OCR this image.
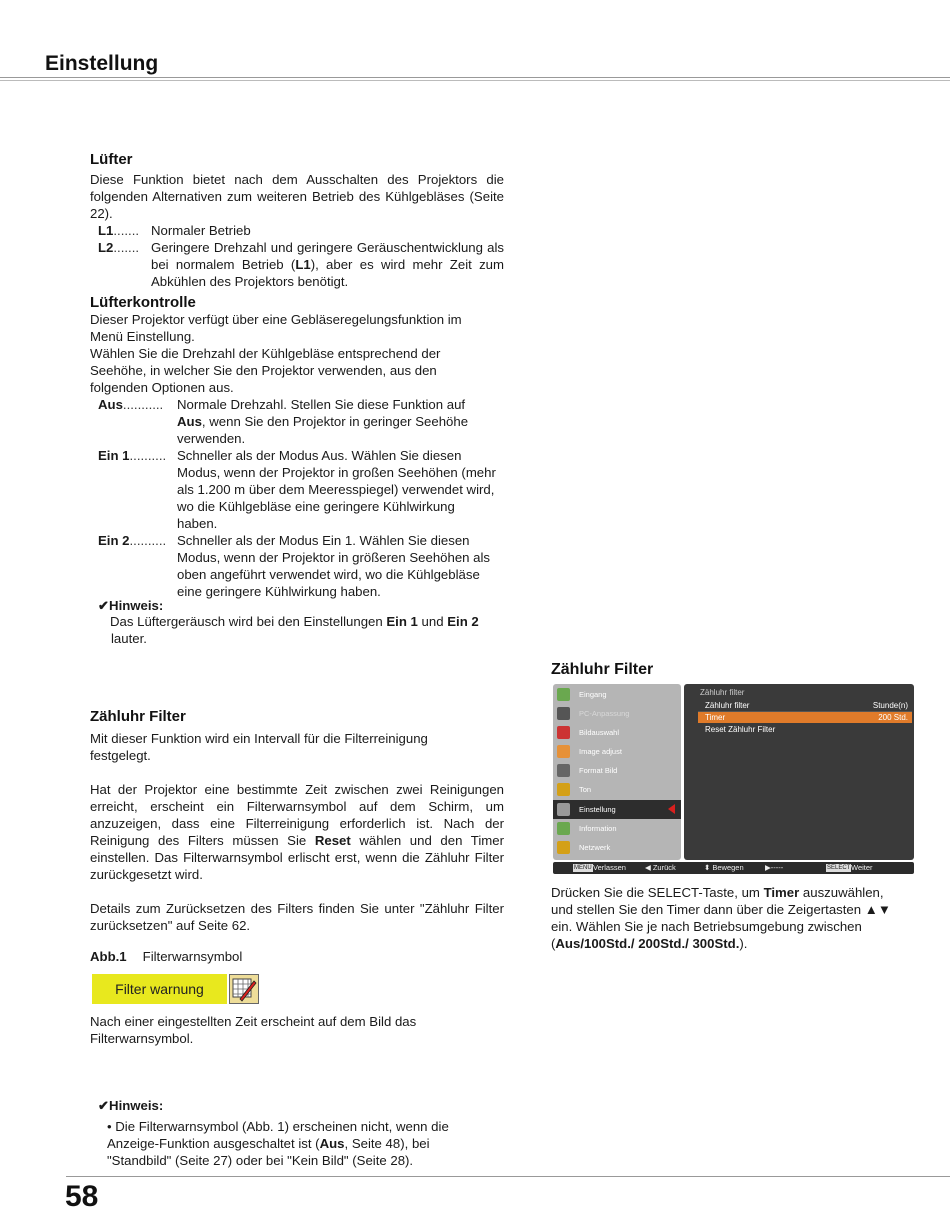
Einstellung
Lüfter
Diese Funktion bietet nach dem Ausschalten des Projektors die folgenden Alternativen zum weiteren Betrieb des Kühlgebläses (Seite 22).
L1....... Normaler Betrieb
L2....... Geringere Drehzahl und geringere Geräuschentwicklung als bei normalem Betrieb (L1), aber es wird mehr Zeit zum Abkühlen des Projektors benötigt.
Lüfterkontrolle
Dieser Projektor verfügt über eine Gebläseregelungsfunktion im Menü Einstellung.
Wählen Sie die Drehzahl der Kühlgebläse entsprechend der Seehöhe, in welcher Sie den Projektor verwenden, aus den folgenden Optionen aus.
Aus........... Normale Drehzahl. Stellen Sie diese Funktion auf Aus, wenn Sie den Projektor in geringer Seehöhe verwenden.
Ein 1.......... Schneller als der Modus Aus. Wählen Sie diesen Modus, wenn der Projektor in großen Seehöhen (mehr als 1.200 m über dem Meeresspiegel) verwendet wird, wo die Kühlgebläse eine geringere Kühlwirkung haben.
Ein 2.......... Schneller als der Modus Ein 1. Wählen Sie diesen Modus, wenn der Projektor in größeren Seehöhen als oben angeführt verwendet wird, wo die Kühlgebläse eine geringere Kühlwirkung haben.
✔Hinweis:
Das Lüftergeräusch wird bei den Einstellungen Ein 1 und Ein 2
lauter.
Zähluhr Filter
Mit dieser Funktion wird ein Intervall für die Filterreinigung festgelegt.
Hat der Projektor eine bestimmte Zeit zwischen zwei Reinigungen erreicht, erscheint ein Filterwarnsymbol auf dem Schirm, um anzuzeigen, dass eine Filterreinigung erforderlich ist. Nach der Reinigung des Filters müssen Sie Reset wählen und den Timer einstellen. Das Filterwarnsymbol erlischt erst, wenn die Zähluhr Filter zurückgesetzt wird.
Details zum Zurücksetzen des Filters finden Sie unter "Zähluhr Filter zurücksetzen" auf Seite 62.
Abb.1 Filterwarnsymbol
Filter warnung
Nach einer eingestellten Zeit erscheint auf dem Bild das Filterwarnsymbol.
✔Hinweis:
• Die Filterwarnsymbol (Abb. 1) erscheinen nicht, wenn die Anzeige-Funktion ausgeschaltet ist (Aus, Seite 48), bei "Standbild" (Seite 27) oder bei "Kein Bild" (Seite 28).
Zähluhr Filter
Eingang
PC-Anpassung
Bildauswahl
Image adjust
Format Bild
Ton
Einstellung
Information
Netzwerk
Zähluhr filter
Zähluhr filter	Stunde(n)
Timer	200 Std.
Reset Zähluhr Filter
MENU Verlassen	◀ Zurück	⬍ Bewegen	▶-----	SELECT Weiter
Drücken Sie die SELECT-Taste, um Timer auszuwählen, und stellen Sie den Timer dann über die Zeigertasten ▲▼ ein. Wählen Sie je nach Betriebsumgebung zwischen (Aus/100Std./ 200Std./ 300Std.).
58
